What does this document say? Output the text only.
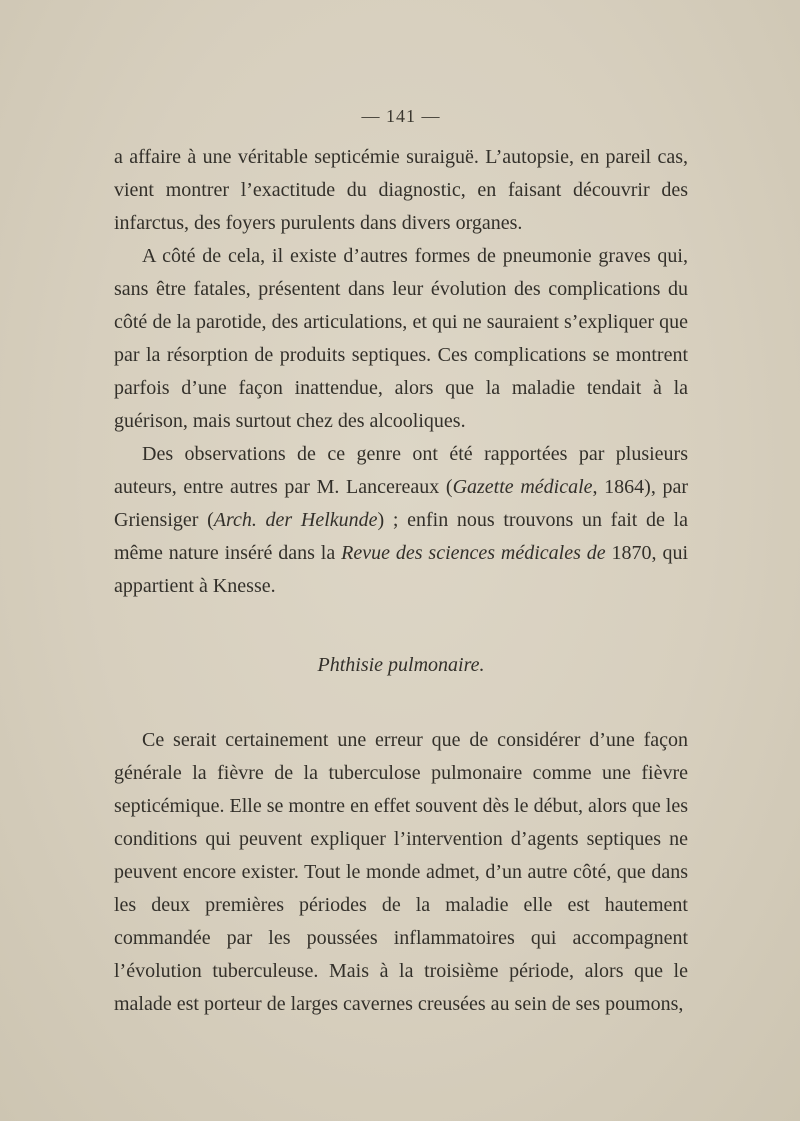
— 141 —

a affaire à une véritable septicémie suraiguë. L’autopsie, en pareil cas, vient montrer l’exactitude du diagnostic, en faisant découvrir des infarctus, des foyers purulents dans divers organes.

A côté de cela, il existe d’autres formes de pneumonie graves qui, sans être fatales, présentent dans leur évolution des complications du côté de la parotide, des articulations, et qui ne sauraient s’expliquer que par la résorption de produits septiques. Ces complications se montrent parfois d’une façon inattendue, alors que la maladie tendait à la guérison, mais surtout chez des alcooliques.

Des observations de ce genre ont été rapportées par plusieurs auteurs, entre autres par M. Lancereaux (Gazette médicale, 1864), par Griensiger (Arch. der Helkunde) ; enfin nous trouvons un fait de la même nature inséré dans la Revue des sciences médicales de 1870, qui appartient à Knesse.

Phthisie pulmonaire.

Ce serait certainement une erreur que de considérer d’une façon générale la fièvre de la tuberculose pulmonaire comme une fièvre septicémique. Elle se montre en effet souvent dès le début, alors que les conditions qui peuvent expliquer l’intervention d’agents septiques ne peuvent encore exister. Tout le monde admet, d’un autre côté, que dans les deux premières périodes de la maladie elle est hautement commandée par les poussées inflammatoires qui accompagnent l’évolution tuberculeuse. Mais à la troisième période, alors que le malade est porteur de larges cavernes creusées au sein de ses poumons,
